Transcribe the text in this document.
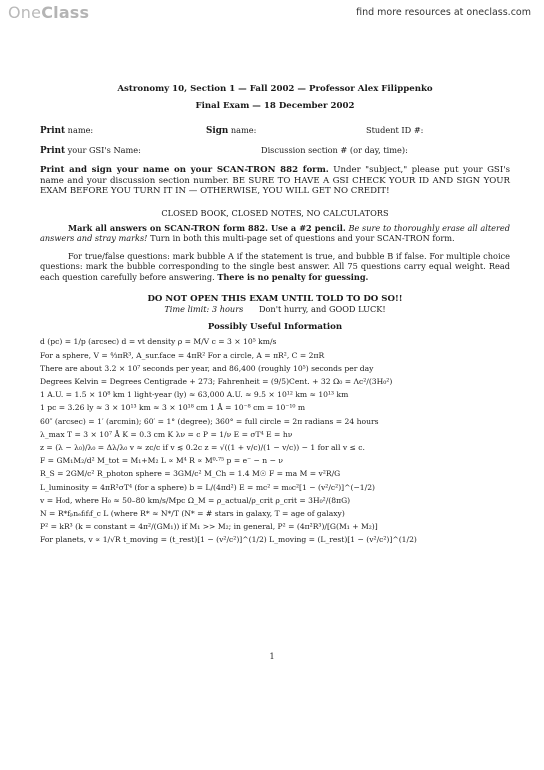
OneClass	find more resources at oneclass.com
Astronomy 10, Section 1 — Fall 2002 — Professor Alex Filippenko
Final Exam — 18 December 2002
Print name:	Sign name:	Student ID #:
Print your GSI's Name:	Discussion section # (or day, time):
Print and sign your name on your SCAN-TRON 882 form. Under "subject," please put your GSI's name and your discussion section number. BE SURE TO HAVE A GSI CHECK YOUR ID AND SIGN YOUR EXAM BEFORE YOU TURN IT IN — OTHERWISE, YOU WILL GET NO CREDIT!
CLOSED BOOK, CLOSED NOTES, NO CALCULATORS
Mark all answers on SCAN-TRON form 882. Use a #2 pencil. Be sure to thoroughly erase all altered answers and stray marks! Turn in both this multi-page set of questions and your SCAN-TRON form.
For true/false questions: mark bubble A if the statement is true, and bubble B if false. For multiple choice questions: mark the bubble corresponding to the single best answer. All 75 questions carry equal weight. Read each question carefully before answering. There is no penalty for guessing.
DO NOT OPEN THIS EXAM UNTIL TOLD TO DO SO!!
Time limit: 3 hours Don't hurry, and GOOD LUCK!
Possibly Useful Information
d (pc) = 1/p (arcsec) d = vt density ρ = M/V c = 3 × 10⁵ km/s
For a sphere, V = ⁴⁄₃πR³, A_sur.face = 4πR² For a circle, A = πR², C = 2πR
There are about 3.2 × 10⁷ seconds per year, and 86,400 (roughly 10⁵) seconds per day
Degrees Kelvin = Degrees Centigrade + 273; Fahrenheit = (9/5)Cent. + 32 Ω₀ = Λc²/(3H₀²)
1 A.U. = 1.5 × 10⁸ km 1 light-year (ly) ≈ 63,000 A.U. ≈ 9.5 × 10¹² km ≈ 10¹³ km
1 pc = 3.26 ly ≈ 3 × 10¹³ km ≈ 3 × 10¹⁸ cm 1 Å = 10⁻⁸ cm = 10⁻¹⁰ m
60″ (arcsec) = 1′ (arcmin); 60′ = 1° (degree); 360° = full circle = 2π radians = 24 hours
λ_max T = 3 × 10⁷ Å K = 0.3 cm K λν = c P = 1/ν E = σT⁴ E = hν
z = (λ − λ₀)/λ₀ = Δλ/λ₀ v ≈ zc/c if v ≲ 0.2c z = √((1 + v/c)/(1 − v/c)) − 1 for all v ≤ c.
F = GM₁M₂/d² M_tot = M₁+M₂ L ∝ M⁴ R ∝ M⁰·⁷⁵ p = e⁻ − n − ν
R_S = 2GM/c² R_photon sphere = 3GM/c² M_Ch = 1.4 M☉ F = ma M = v²R/G
L_luminosity = 4πR²σT⁴ (for a sphere) b = L/(4πd²) E = mc² = m₀c²[1 − (v²/c²)]^(−1/2)
v = H₀d, where H₀ ≈ 50–80 km/s/Mpc Ω_M = ρ_actual/ρ_crit ρ_crit = 3H₀²/(8πG)
N = R*fₚnₑfₗfᵢf_c L (where R* ≈ N*/T (N* = # stars in galaxy, T = age of galaxy)
P² = kR³ (k = constant = 4π²/(GM₁)) if M₁ >> M₂; in general, P² = (4π²R³)/[G(M₁ + M₂)]
For planets, v ∝ 1/√R t_moving = (t_rest)[1 − (v²/c²)]^(1/2) L_moving = (L_rest)[1 − (v²/c²)]^(1/2)
1
